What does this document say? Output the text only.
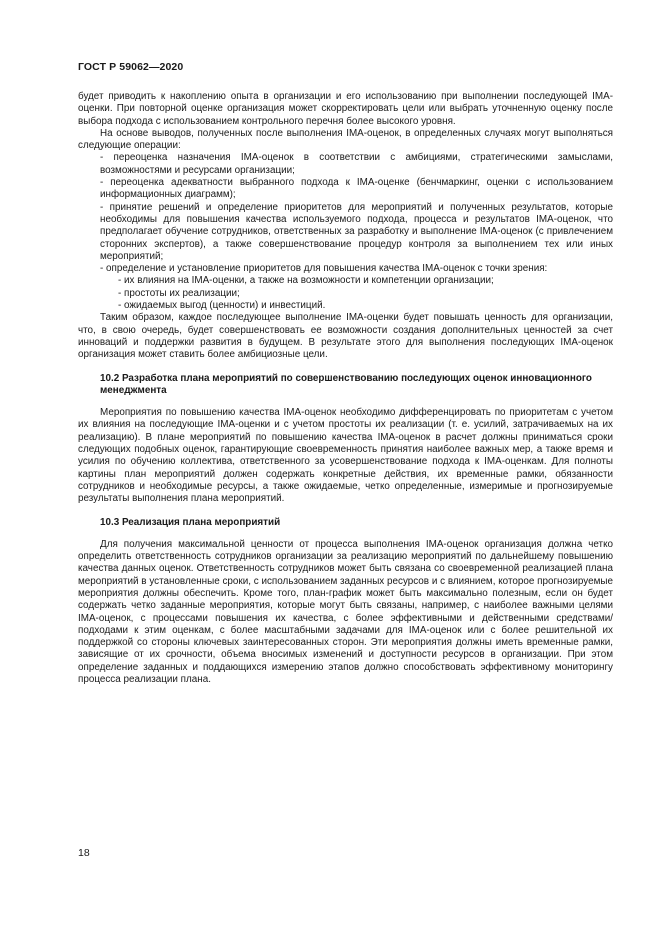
ГОСТ Р 59062—2020

будет приводить к накоплению опыта в организации и его использованию при выполнении последующей IMA-оценки. При повторной оценке организация может скорректировать цели или выбрать уточненную оценку после выбора подхода с использованием контрольного перечня более высокого уровня.

На основе выводов, полученных после выполнения IMA-оценок, в определенных случаях могут выполняться следующие операции:

- переоценка назначения IMA-оценок в соответствии с амбициями, стратегическими замыслами, возможностями и ресурсами организации;

- переоценка адекватности выбранного подхода к IMA-оценке (бенчмаркинг, оценки с использованием информационных диаграмм);

- принятие решений и определение приоритетов для мероприятий и полученных результатов, которые необходимы для повышения качества используемого подхода, процесса и результатов IMA-оценок, что предполагает обучение сотрудников, ответственных за разработку и выполнение IMA-оценок (с привлечением сторонних экспертов), а также совершенствование процедур контроля за выполнением тех или иных мероприятий;

- определение и установление приоритетов для повышения качества IMA-оценок с точки зрения:

- их влияния на IMA-оценки, а также на возможности и компетенции организации;

- простоты их реализации;

- ожидаемых выгод (ценности) и инвестиций.

Таким образом, каждое последующее выполнение IMA-оценки будет повышать ценность для организации, что, в свою очередь, будет совершенствовать ее возможности создания дополнительных ценностей за счет инноваций и поддержки развития в будущем. В результате этого для выполнения последующих IMA-оценок организация может ставить более амбициозные цели.

10.2 Разработка плана мероприятий по совершенствованию последующих оценок инновационного менеджмента

Мероприятия по повышению качества IMA-оценок необходимо дифференцировать по приоритетам с учетом их влияния на последующие IMA-оценки и с учетом простоты их реализации (т. е. усилий, затрачиваемых на их реализацию). В плане мероприятий по повышению качества IMA-оценок в расчет должны приниматься сроки следующих подобных оценок, гарантирующие своевременность принятия наиболее важных мер, а также время и усилия по обучению коллектива, ответственного за усовершенствование подхода к IMA-оценкам. Для полноты картины план мероприятий должен содержать конкретные действия, их временные рамки, обязанности сотрудников и необходимые ресурсы, а также ожидаемые, четко определенные, измеримые и прогнозируемые результаты выполнения плана мероприятий.

10.3 Реализация плана мероприятий

Для получения максимальной ценности от процесса выполнения IMA-оценок организация должна четко определить ответственность сотрудников организации за реализацию мероприятий по дальнейшему повышению качества данных оценок. Ответственность сотрудников может быть связана со своевременной реализацией плана мероприятий в установленные сроки, с использованием заданных ресурсов и с влиянием, которое прогнозируемые мероприятия должны обеспечить. Кроме того, план-график может быть максимально полезным, если он будет содержать четко заданные мероприятия, которые могут быть связаны, например, с наиболее важными целями IMA-оценок, с процессами повышения их качества, с более эффективными и действенными средствами/подходами к этим оценкам, с более масштабными задачами для IMA-оценок или с более решительной их поддержкой со стороны ключевых заинтересованных сторон. Эти мероприятия должны иметь временные рамки, зависящие от их срочности, объема вносимых изменений и доступности ресурсов в организации. При этом определение заданных и поддающихся измерению этапов должно способствовать эффективному мониторингу процесса реализации плана.

18
